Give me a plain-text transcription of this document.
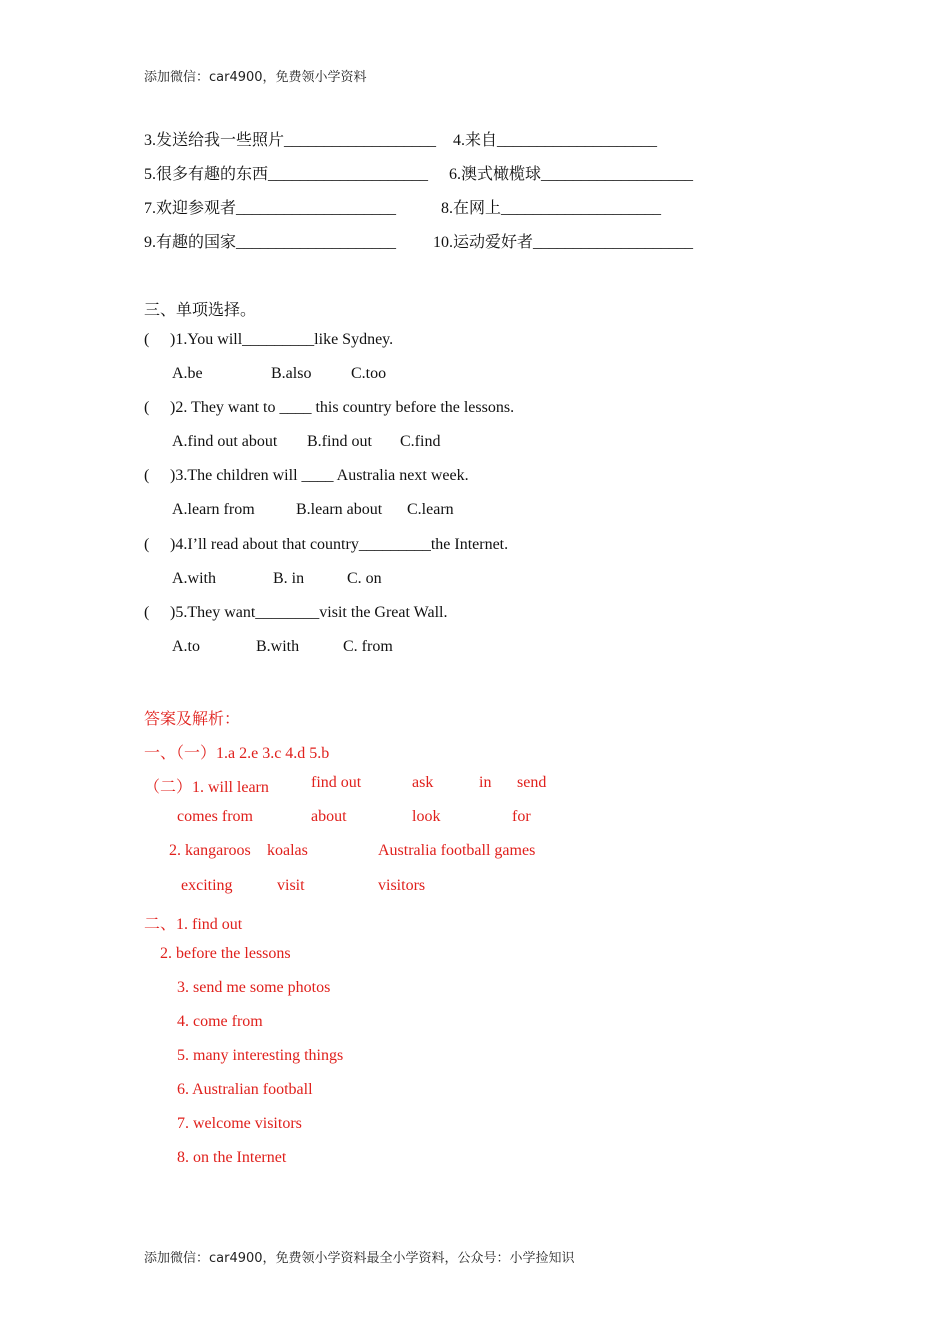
添加微信：car4900，免费领小学资料
3.发送给我一些照片___________________ 4.来自____________________
5.很多有趣的东西____________________ 6.澳式橄榄球___________________
7.欢迎参观者____________________	8.在网上____________________
9.有趣的国家____________________ 10.运动爱好者____________________
三、单项选择。
( )1.You will_________like Sydney.
A.be	B.also C.too
( )2. They want to ____ this country before the lessons.
A.find out about B.find out C.find
( )3.The children will ____ Australia next week.
A.learn from	B.learn about C.learn
( )4.I’ll read about that country_________the Internet.
A.with	B. in	C. on
( )5.They want________visit the Great Wall.
A.to	B.with	C. from
答案及解析：
一、（一）1.a 2.e 3.c 4.d 5.b
（二）1. will learn	find out	ask	in send
comes from	about	look	for
2. kangaroos koalas	Australia football games
exciting	visit	visitors
二、1. find out
2. before the lessons
3. send me some photos
4. come from
5. many interesting things
6. Australian football
7. welcome visitors
8. on the Internet
添加微信：car4900，免费领小学资料最全小学资料，公众号：小学捡知识
